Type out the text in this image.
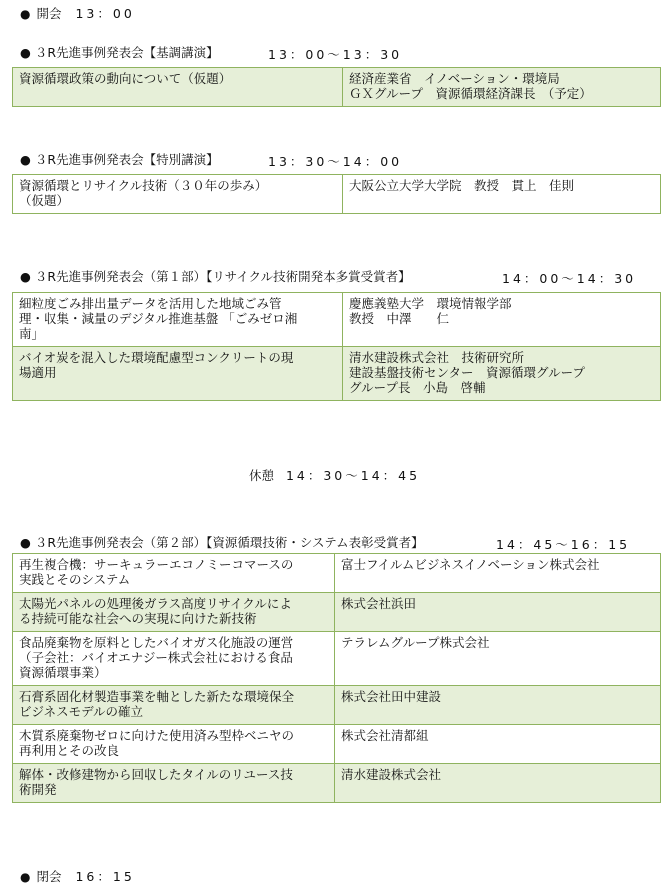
● 開会 13：00
● ３R先進事例発表会【基調講演】	13：00～13：30
資源循環政策の動向について（仮題）	経済産業省　イノベーション・環境局
ＧＸグループ　資源循環経済課長　（予定）
● ３R先進事例発表会【特別講演】	13：30～14：00
資源循環とリサイクル技術（３０年の歩み）
（仮題）	大阪公立大学大学院　教授　貫上　佳則
● ３R先進事例発表会（第１部）【リサイクル技術開発本多賞受賞者】	14：00～14：30
細粒度ごみ排出量データを活用した地域ごみ管
理・収集・減量のデジタル推進基盤 「ごみゼロ湘
南」	慶應義塾大学　環境情報学部
教授　中澤　　仁
バイオ炭を混入した環境配慮型コンクリートの現
場適用	清水建設株式会社　技術研究所
建設基盤技術センター　資源循環グループ
グループ長　小島　啓輔
休憩 14：30～14：45
● ３R先進事例発表会（第２部）【資源循環技術・システム表彰受賞者】	14：45～16：15
再生複合機：サーキュラーエコノミーコマースの
実践とそのシステム	富士フイルムビジネスイノベーション株式会社
太陽光パネルの処理後ガラス高度リサイクルによ
る持続可能な社会への実現に向けた新技術	株式会社浜田
食品廃棄物を原料としたバイオガス化施設の運営
（子会社：バイオエナジー株式会社における食品
資源循環事業）	テラレムグループ株式会社
石膏系固化材製造事業を軸とした新たな環境保全
ビジネスモデルの確立	株式会社田中建設
木質系廃棄物ゼロに向けた使用済み型枠ベニヤの
再利用とその改良	株式会社清都組
解体・改修建物から回収したタイルのリユース技
術開発	清水建設株式会社
● 閉会 16：15
